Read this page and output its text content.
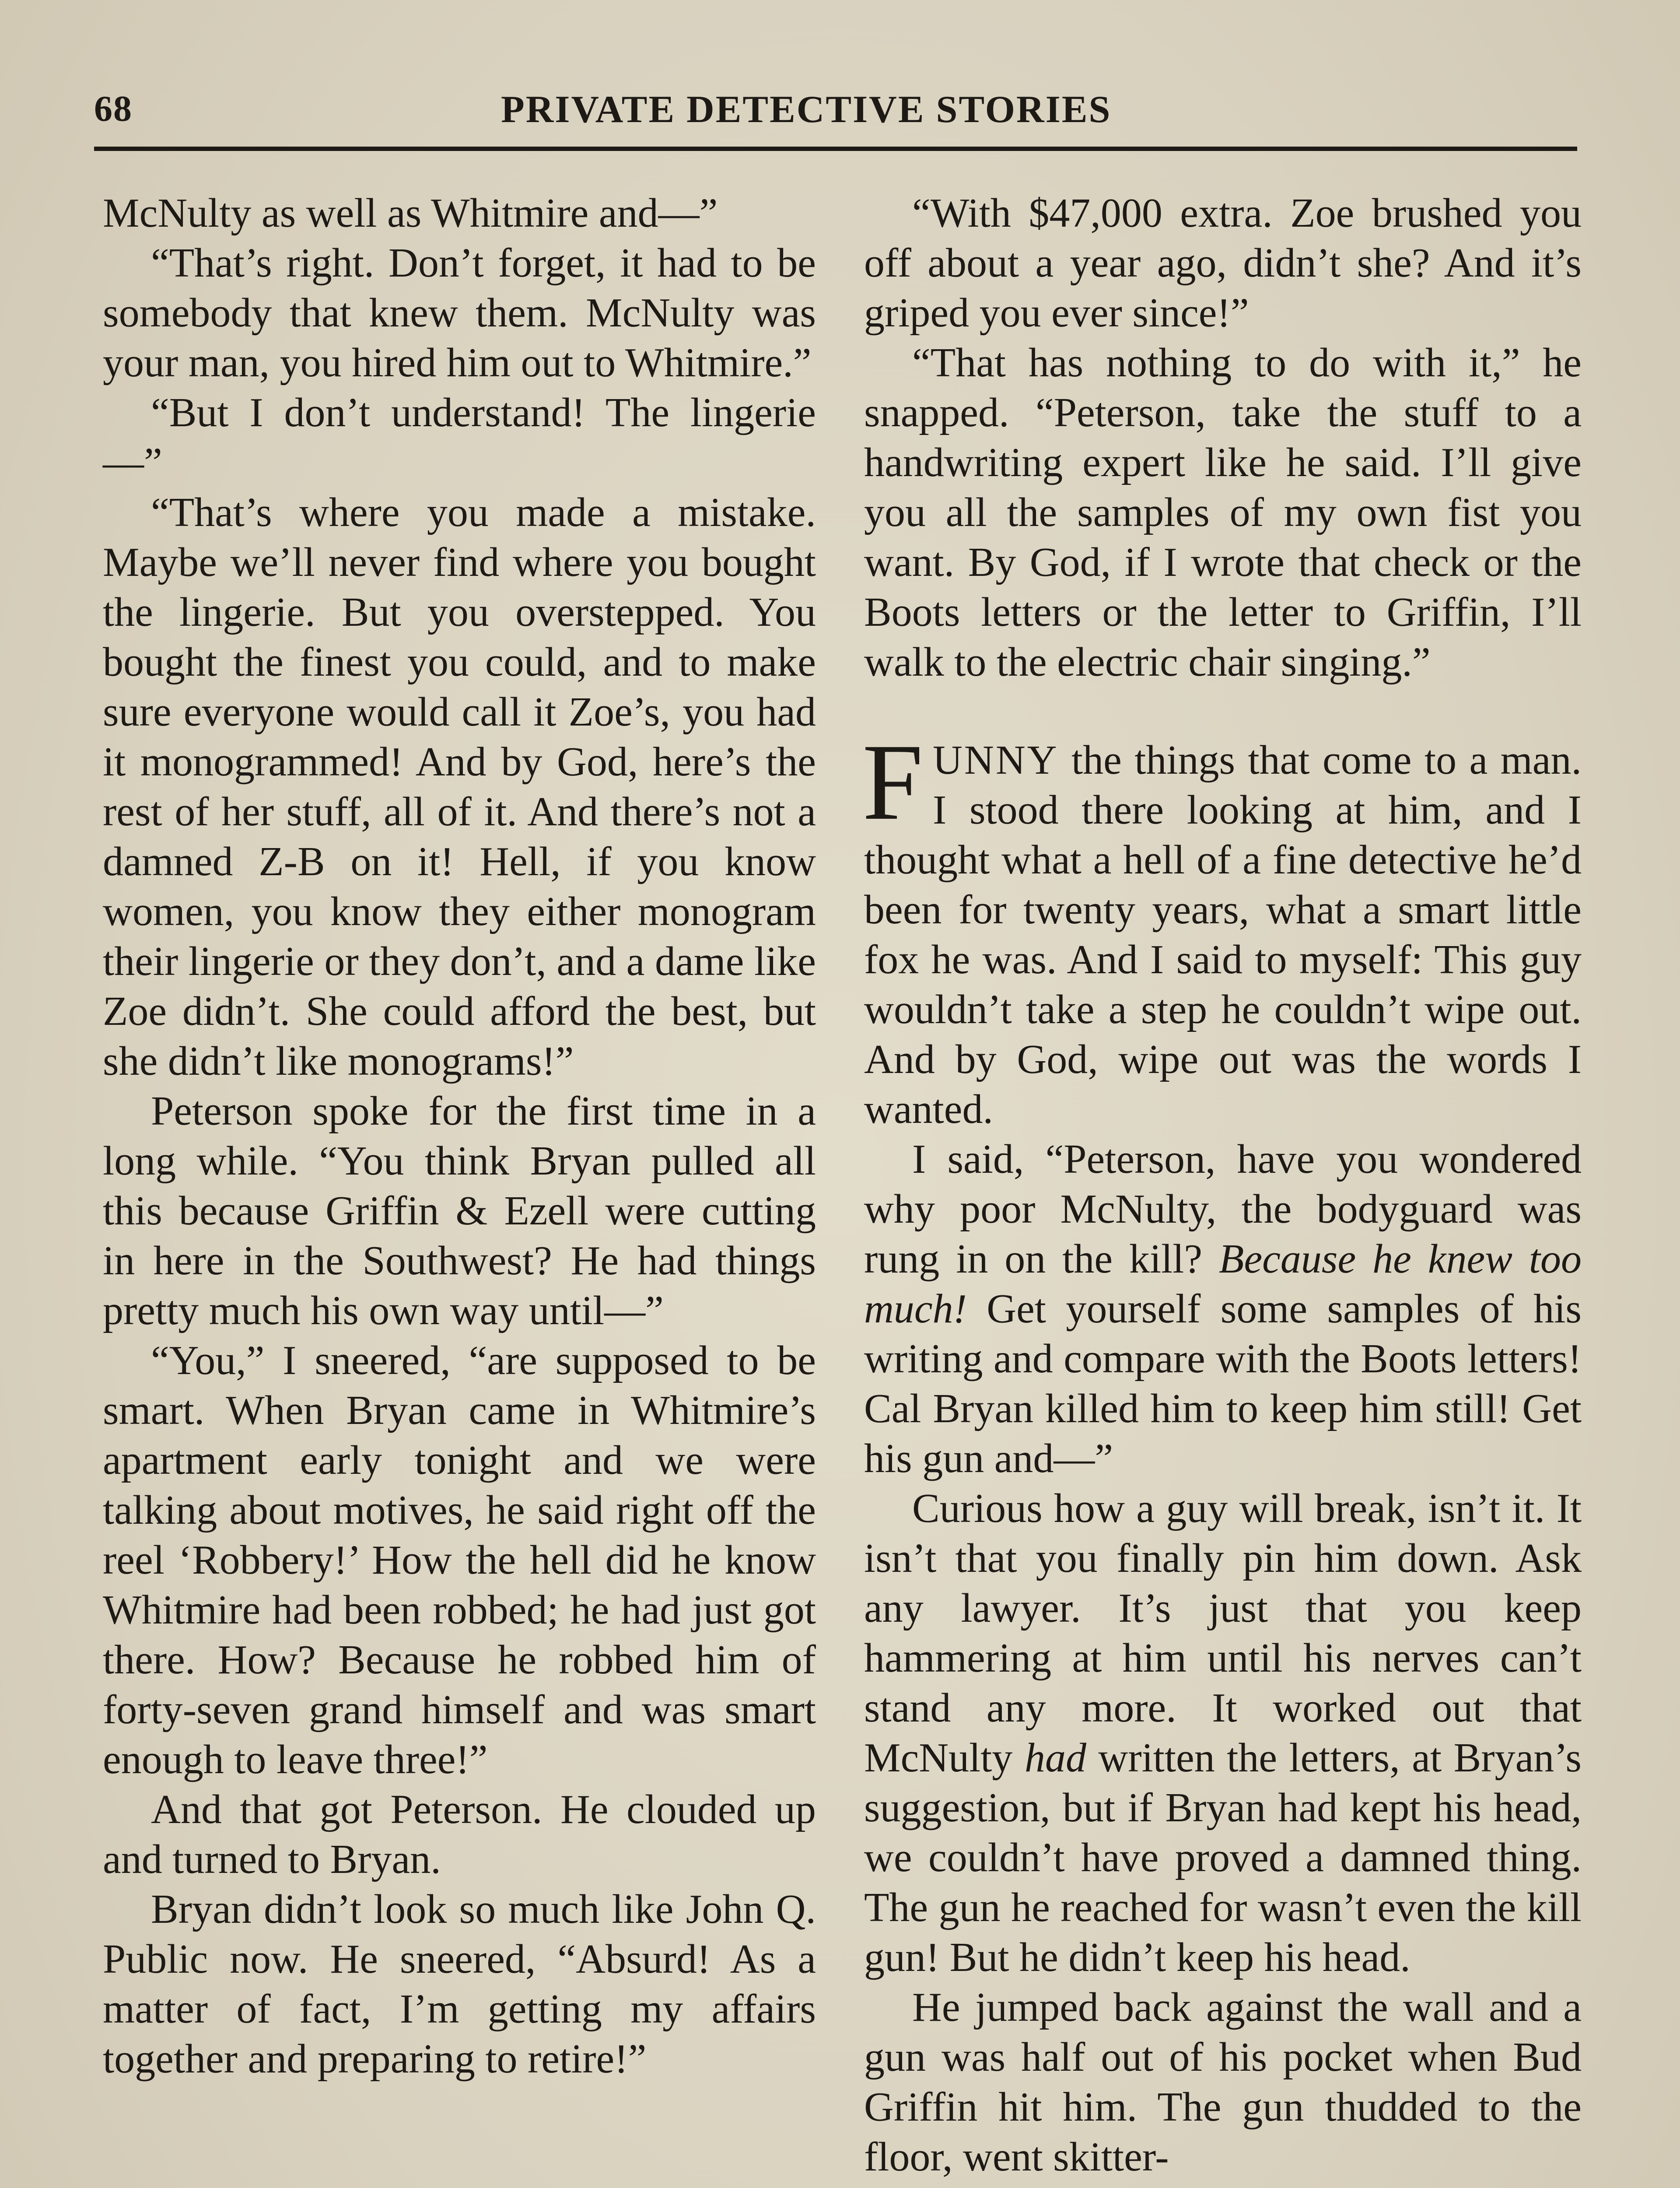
68	PRIVATE DETECTIVE STORIES

McNulty as well as Whitmire and—”

“That’s right. Don’t forget, it had to be somebody that knew them. McNulty was your man, you hired him out to Whitmire.”

“But I don’t understand! The lingerie—”

“That’s where you made a mistake. Maybe we’ll never find where you bought the lingerie. But you overstepped. You bought the finest you could, and to make sure everyone would call it Zoe’s, you had it monogrammed! And by God, here’s the rest of her stuff, all of it. And there’s not a damned Z-B on it! Hell, if you know women, you know they either monogram their lingerie or they don’t, and a dame like Zoe didn’t. She could afford the best, but she didn’t like monograms!”

Peterson spoke for the first time in a long while. “You think Bryan pulled all this because Griffin & Ezell were cutting in here in the Southwest? He had things pretty much his own way until—”

“You,” I sneered, “are supposed to be smart. When Bryan came in Whitmire’s apartment early tonight and we were talking about motives, he said right off the reel ‘Robbery!’ How the hell did he know Whitmire had been robbed; he had just got there. How? Because he robbed him of forty-seven grand himself and was smart enough to leave three!”

And that got Peterson. He clouded up and turned to Bryan.

Bryan didn’t look so much like John Q. Public now. He sneered, “Absurd! As a matter of fact, I’m getting my affairs together and preparing to retire!”

“With $47,000 extra. Zoe brushed you off about a year ago, didn’t she? And it’s griped you ever since!”

“That has nothing to do with it,” he snapped. “Peterson, take the stuff to a handwriting expert like he said. I’ll give you all the samples of my own fist you want. By God, if I wrote that check or the Boots letters or the letter to Griffin, I’ll walk to the electric chair singing.”

FUNNY the things that come to a man. I stood there looking at him, and I thought what a hell of a fine detective he’d been for twenty years, what a smart little fox he was. And I said to myself: This guy wouldn’t take a step he couldn’t wipe out. And by God, wipe out was the words I wanted.

I said, “Peterson, have you wondered why poor McNulty, the bodyguard was rung in on the kill? Because he knew too much! Get yourself some samples of his writing and compare with the Boots letters! Cal Bryan killed him to keep him still! Get his gun and—”

Curious how a guy will break, isn’t it. It isn’t that you finally pin him down. Ask any lawyer. It’s just that you keep hammering at him until his nerves can’t stand any more. It worked out that McNulty had written the letters, at Bryan’s suggestion, but if Bryan had kept his head, we couldn’t have proved a damned thing. The gun he reached for wasn’t even the kill gun! But he didn’t keep his head.

He jumped back against the wall and a gun was half out of his pocket when Bud Griffin hit him. The gun thudded to the floor, went skitter-
